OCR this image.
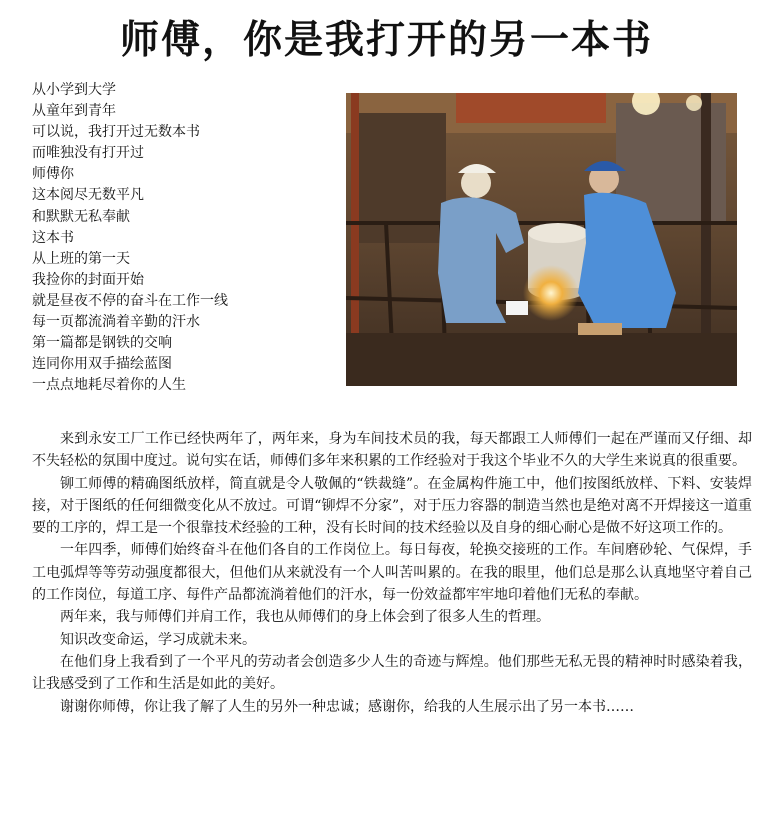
师傅，你是我打开的另一本书
从小学到大学
从童年到青年
可以说，我打开过无数本书
而唯独没有打开过
师傅你
这本阅尽无数平凡
和默默无私奉献
这本书
从上班的第一天
我捡你的封面开始
就是昼夜不停的奋斗在工作一线
每一页都流淌着辛勤的汗水
第一篇都是钢铁的交响
连同你用双手描绘蓝图
一点点地耗尽着你的人生

来到永安工厂工作已经快两年了，两年来，身为车间技术员的我，每天都跟工人师傅们一起在严谨而又仔细、却不失轻松的氛围中度过。说句实在话，师傅们多年来积累的工作经验对于我这个毕业不久的大学生来说真的很重要。

铆工师傅的精确图纸放样，简直就是令人敬佩的“铁裁缝”。在金属构件施工中，他们按图纸放样、下料、安装焊接，对于图纸的任何细微变化从不放过。可谓“铆焊不分家”，对于压力容器的制造当然也是绝对离不开焊接这一道重要的工序的，焊工是一个很靠技术经验的工种，没有长时间的技术经验以及自身的细心耐心是做不好这项工作的。

一年四季，师傅们始终奋斗在他们各自的工作岗位上。每日每夜，轮换交接班的工作。车间磨砂轮、气保焊，手工电弧焊等等劳动强度都很大，但他们从来就没有一个人叫苦叫累的。在我的眼里，他们总是那么认真地坚守着自己的工作岗位，每道工序、每件产品都流淌着他们的汗水，每一份效益都牢牢地印着他们无私的奉献。

两年来，我与师傅们并肩工作，我也从师傅们的身上体会到了很多人生的哲理。

知识改变命运，学习成就未来。

在他们身上我看到了一个平凡的劳动者会创造多少人生的奇迹与辉煌。他们那些无私无畏的精神时时感染着我，让我感受到了工作和生活是如此的美好。

谢谢你师傅，你让我了解了人生的另外一种忠诚；感谢你，给我的人生展示出了另一本书……
